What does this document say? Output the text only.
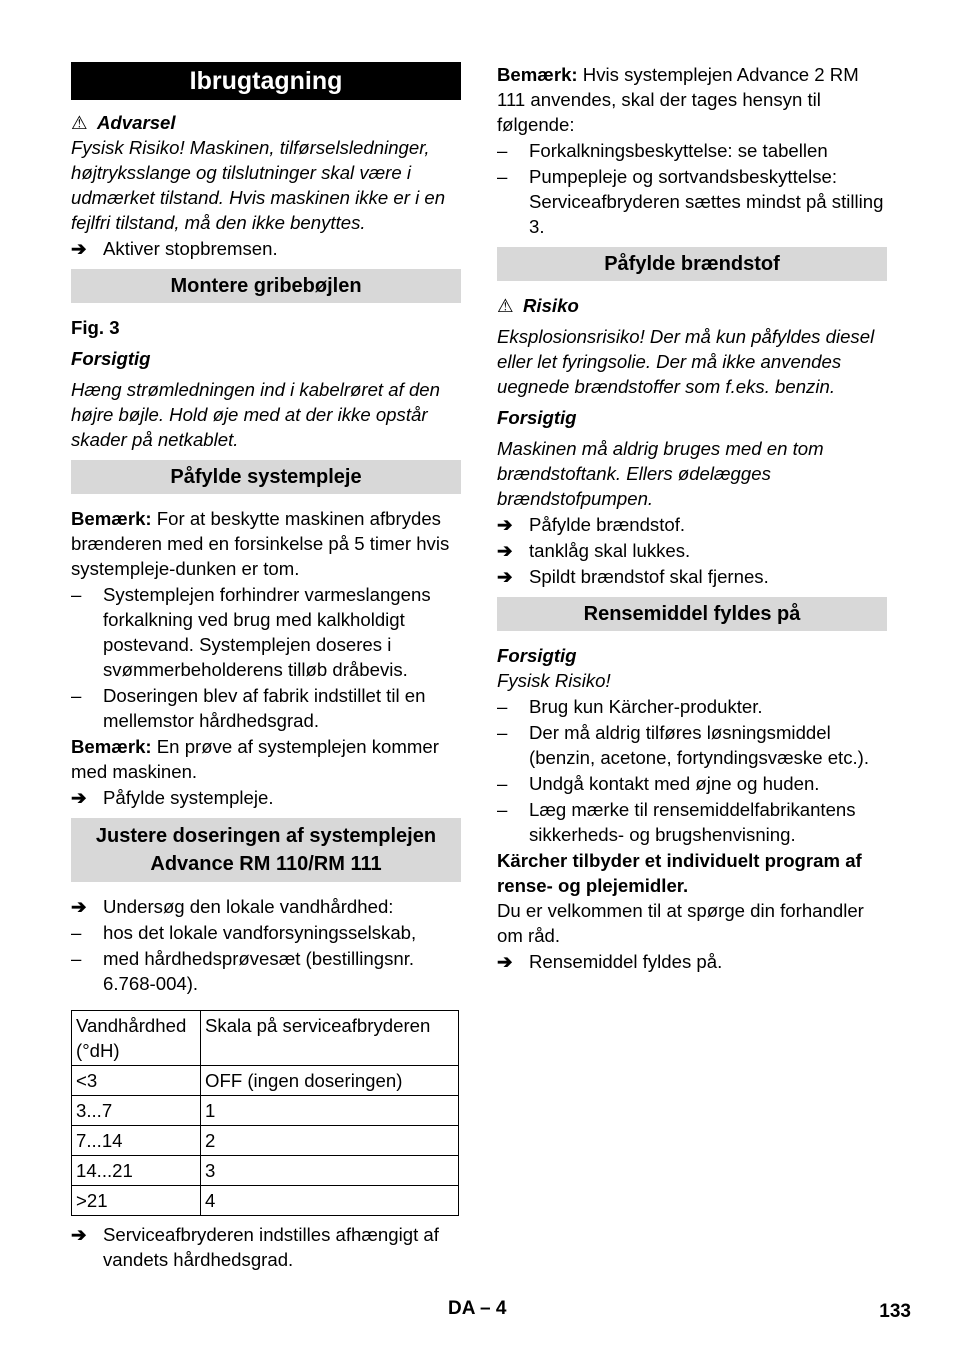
Ibrugtagning
⚠ Advarsel

Fysisk Risiko! Maskinen, tilførselsledninger, højtryksslange og tilslutninger skal være i udmærket tilstand. Hvis maskinen ikke er i en fejlfri tilstand, må den ikke benyttes.

➔ Aktiver stopbremsen.
Montere gribebøjlen

Fig. 3

Forsigtig

Hæng strømledningen ind i kabelrøret af den højre bøjle. Hold øje med at der ikke opstår skader på netkablet.

Påfylde systempleje

Bemærk: For at beskytte maskinen afbrydes brænderen med en forsinkelse på 5 timer hvis systempleje-dunken er tom.

– Systemplejen forhindrer varmeslangens forkalkning ved brug med kalkholdigt postevand. Systemplejen doseres i svømmerbeholderens tilløb dråbevis.
– Doseringen blev af fabrik indstillet til en mellemstor hårdhedsgrad.

Bemærk: En prøve af systemplejen kommer med maskinen.

➔ Påfylde systempleje.
Justere doseringen af systemplejen
Advance RM 110/RM 111
➔ Undersøg den lokale vandhårdhed:
– hos det lokale vandforsyningsselskab,
– med hårdhedsprøvesæt (bestillingsnr. 6.768-004).
Vandhårdhed (°dH)	Skala på serviceafbryderen
<3	OFF (ingen doseringen)
3...7	1
7...14	2
14...21	3
>21	4
➔ Serviceafbryderen indstilles afhængigt af vandets hårdhedsgrad.

Bemærk: Hvis systemplejen Advance 2 RM 111 anvendes, skal der tages hensyn til følgende:

– Forkalkningsbeskyttelse: se tabellen
– Pumpepleje og sortvandsbeskyttelse: Serviceafbryderen sættes mindst på stilling 3.
Påfylde brændstof
⚠ Risiko

Eksplosionsrisiko! Der må kun påfyldes diesel eller let fyringsolie. Der må ikke anvendes uegnede brændstoffer som f.eks. benzin.

Forsigtig

Maskinen må aldrig bruges med en tom brændstoftank. Ellers ødelægges brændstofpumpen.

➔ Påfylde brændstof.
➔ tanklåg skal lukkes.
➔ Spildt brændstof skal fjernes.
Rensemiddel fyldes på

Forsigtig

Fysisk Risiko!

– Brug kun Kärcher-produkter.
– Der må aldrig tilføres løsningsmiddel (benzin, acetone, fortyndingsvæske etc.).
– Undgå kontakt med øjne og huden.
– Læg mærke til rensemiddelfabrikantens sikkerheds- og brugshenvisning.

Kärcher tilbyder et individuelt program af rense- og plejemidler.

Du er velkommen til at spørge din forhandler om råd.

➔ Rensemiddel fyldes på.
DA – 4	133
